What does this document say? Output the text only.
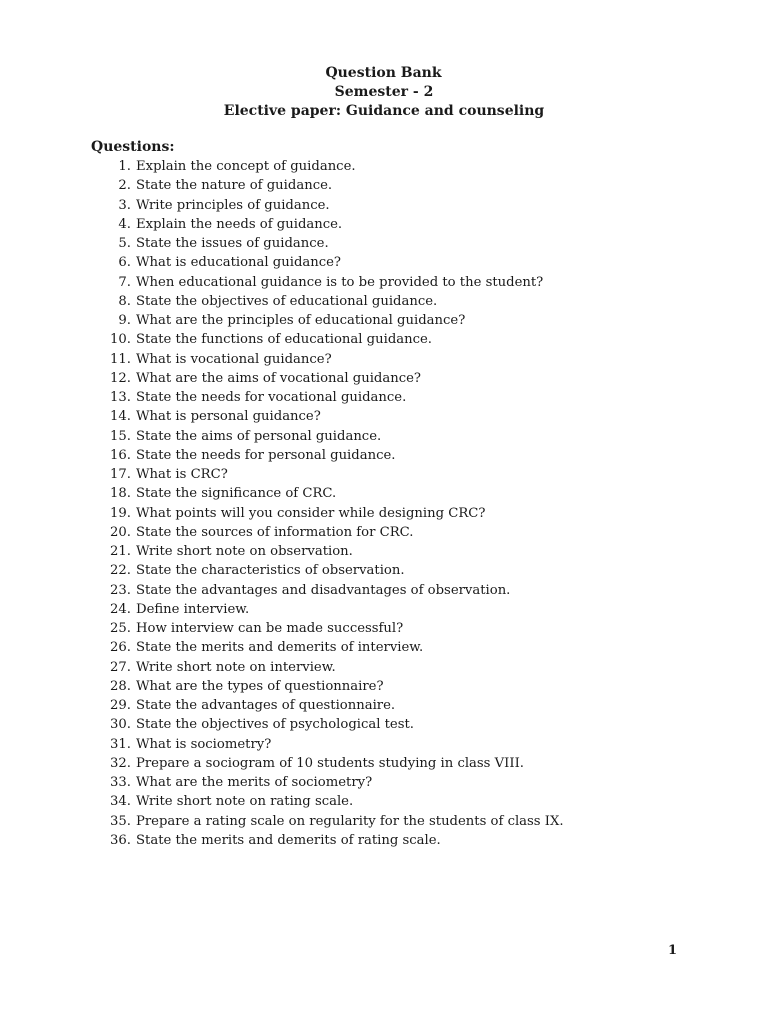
Question Bank
Semester - 2
Elective paper: Guidance and counseling
Questions:
1. Explain the concept of guidance.
2. State the nature of guidance.
3. Write principles of guidance.
4. Explain the needs of guidance.
5. State the issues of guidance.
6. What is educational guidance?
7. When educational guidance is to be provided to the student?
8. State the objectives of educational guidance.
9. What are the principles of educational guidance?
10. State the functions of educational guidance.
11. What is vocational guidance?
12. What are the aims of vocational guidance?
13. State the needs for vocational guidance.
14. What is personal guidance?
15. State the aims of personal guidance.
16. State the needs for personal guidance.
17. What is CRC?
18. State the significance of CRC.
19. What points will you consider while designing CRC?
20. State the sources of information for CRC.
21. Write short note on observation.
22. State the characteristics of observation.
23. State the advantages and disadvantages of observation.
24. Define interview.
25. How interview can be made successful?
26. State the merits and demerits of interview.
27. Write short note on interview.
28. What are the types of questionnaire?
29. State the advantages of questionnaire.
30. State the objectives of psychological test.
31. What is sociometry?
32. Prepare a sociogram of 10 students studying in class VIII.
33. What are the merits of sociometry?
34. Write short note on rating scale.
35. Prepare a rating scale on regularity for the students of class IX.
36. State the merits and demerits of rating scale.
1
